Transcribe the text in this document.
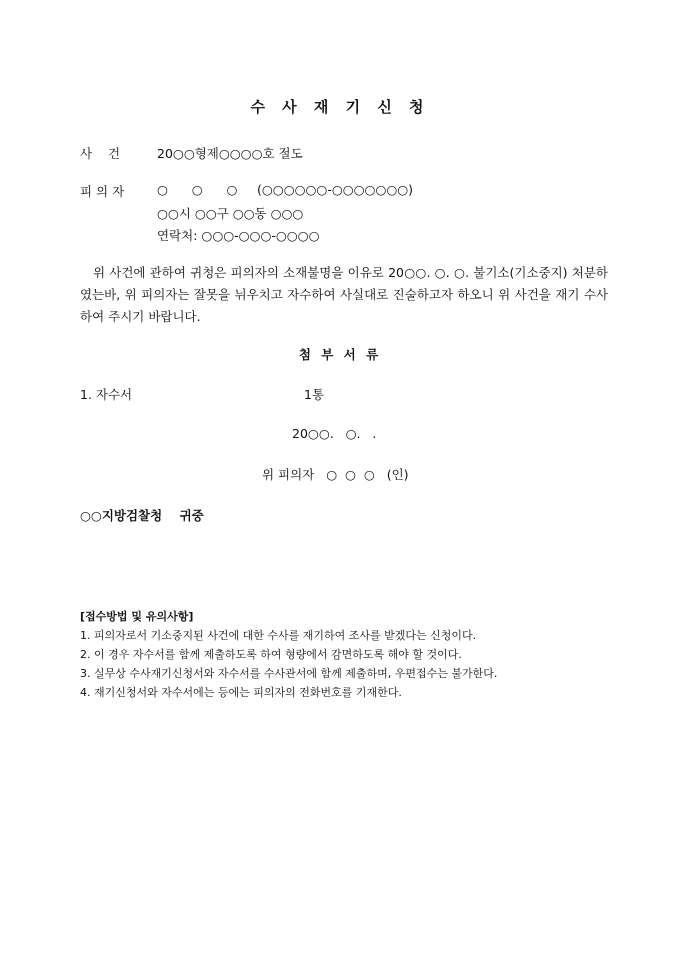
수 사 재 기 신 청
사    건	20○○형제○○○○호 절도
피 의 자	○      ○      ○ (○○○○○○-○○○○○○○)
○○시 ○○구 ○○동 ○○○
연락처: ○○○-○○○-○○○○
위 사건에 관하여 귀청은 피의자의 소재불명을 이유로 20○○. ○. ○. 불기소(기소중지) 처분하였는바, 위 피의자는 잘못을 뉘우치고 자수하여 사실대로 진술하고자 하오니 위 사건을 재기 수사하여 주시기 바랍니다.
첨 부 서 류
1. 자수서	1통
20○○.   ○.   .
위 피의자   ○  ○  ○   (인)
○○지방검찰청    귀중
[접수방법 및 유의사항]
1. 피의자로서 기소중지된 사건에 대한 수사를 재기하여 조사를 받겠다는 신청이다.
2. 이 경우 자수서를 함께 제출하도록 하여 형량에서 감면하도록 해야 할 것이다.
3. 실무상 수사재기신청서와 자수서를 수사관서에 함께 제출하며, 우편접수는 불가한다.
4. 재기신청서와 자수서에는 등에는 피의자의 전화번호를 기재한다.
